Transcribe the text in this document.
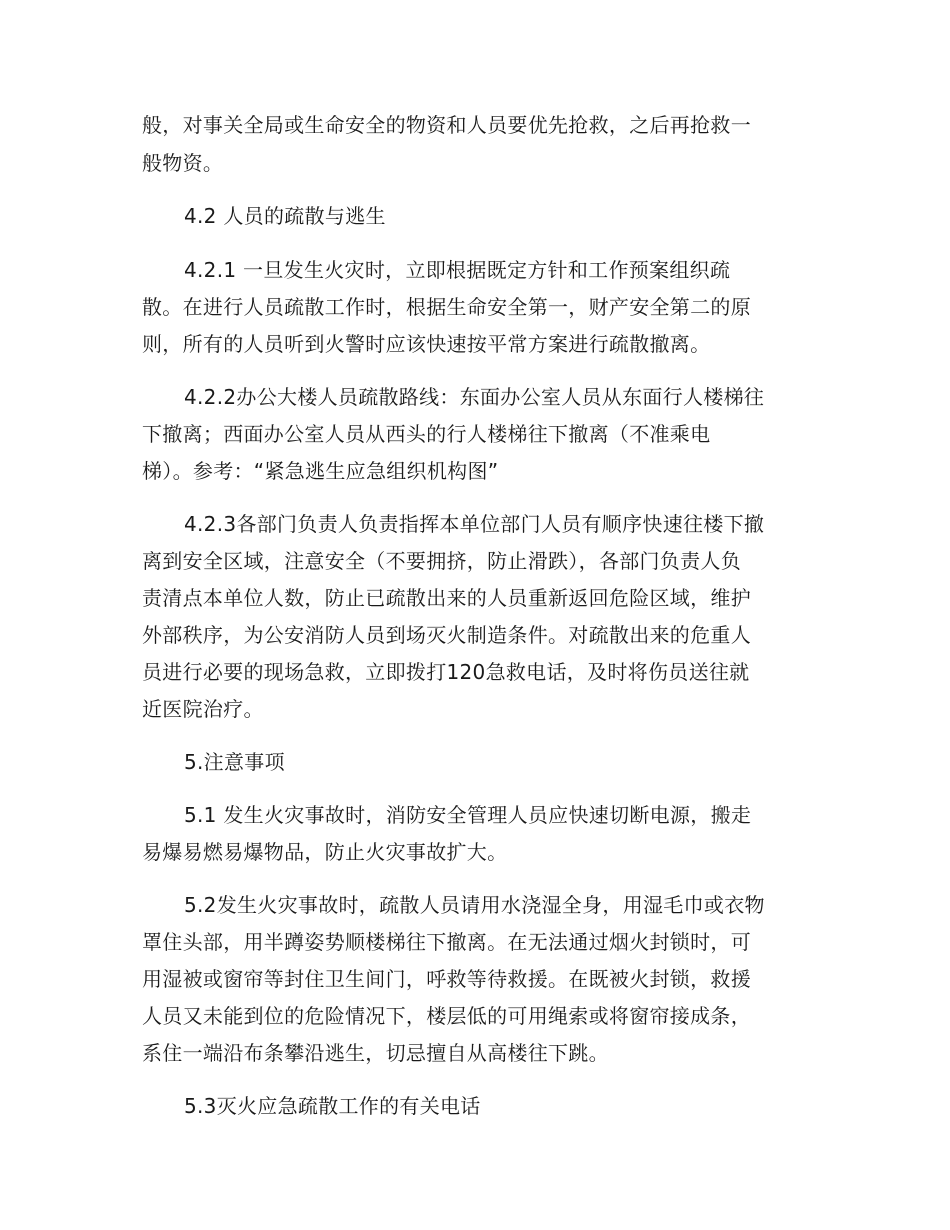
般，对事关全局或生命安全的物资和人员要优先抢救，之后再抢救一
般物资。
4.2 人员的疏散与逃生
4.2.1 一旦发生火灾时，立即根据既定方针和工作预案组织疏
散。在进行人员疏散工作时，根据生命安全第一，财产安全第二的原
则，所有的人员听到火警时应该快速按平常方案进行疏散撤离。
4.2.2办公大楼人员疏散路线：东面办公室人员从东面行人楼梯往
下撤离；西面办公室人员从西头的行人楼梯往下撤离（不准乘电
梯）。参考：“紧急逃生应急组织机构图”
4.2.3各部门负责人负责指挥本单位部门人员有顺序快速往楼下撤
离到安全区域，注意安全（不要拥挤，防止滑跌），各部门负责人负
责清点本单位人数，防止已疏散出来的人员重新返回危险区域，维护
外部秩序，为公安消防人员到场灭火制造条件。对疏散出来的危重人
员进行必要的现场急救，立即拨打120急救电话，及时将伤员送往就
近医院治疗。
5.注意事项
5.1 发生火灾事故时，消防安全管理人员应快速切断电源，搬走
易爆易燃易爆物品，防止火灾事故扩大。
5.2发生火灾事故时，疏散人员请用水浇湿全身，用湿毛巾或衣物
罩住头部，用半蹲姿势顺楼梯往下撤离。在无法通过烟火封锁时，可
用湿被或窗帘等封住卫生间门，呼救等待救援。在既被火封锁，救援
人员又未能到位的危险情况下，楼层低的可用绳索或将窗帘接成条，
系住一端沿布条攀沿逃生，切忌擅自从高楼往下跳。
5.3灭火应急疏散工作的有关电话
